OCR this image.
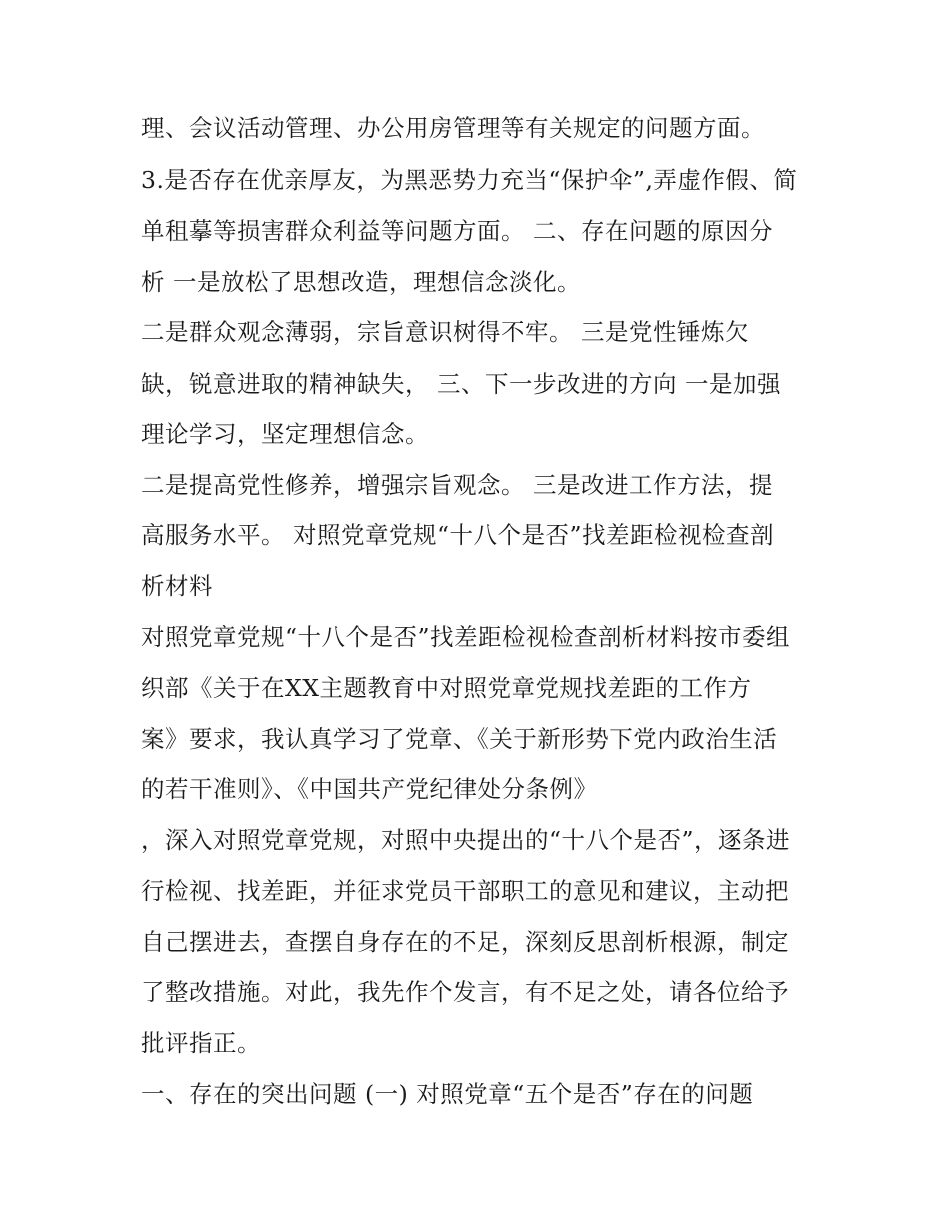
理、会议活动管理、办公用房管理等有关规定的问题方面。

3.是否存在优亲厚友，为黑恶势力充当“保护伞”,弄虚作假、简

单租摹等损害群众利益等问题方面。 二、存在问题的原因分

析 一是放松了思想改造，理想信念淡化。

二是群众观念薄弱，宗旨意识树得不牢。 三是党性锤炼欠

缺，锐意进取的精神缺失， 三、下一步改进的方向 一是加强

理论学习，坚定理想信念。

二是提高党性修养，增强宗旨观念。 三是改进工作方法，提

高服务水平。 对照党章党规“十八个是否”找差距检视检查剖

析材料

对照党章党规“十八个是否”找差距检视检查剖析材料按市委组

织部《关于在XX主题教育中对照党章党规找差距的工作方

案》要求，我认真学习了党章、《关于新形势下党内政治生活

的若干准则》、《中国共产党纪律处分条例》

，深入对照党章党规，对照中央提出的“十八个是否”，逐条进

行检视、找差距，并征求党员干部职工的意见和建议，主动把

自己摆进去，查摆自身存在的不足，深刻反思剖析根源，制定

了整改措施。对此，我先作个发言，有不足之处，请各位给予

批评指正。

一、存在的突出问题 (一) 对照党章“五个是否”存在的问题
